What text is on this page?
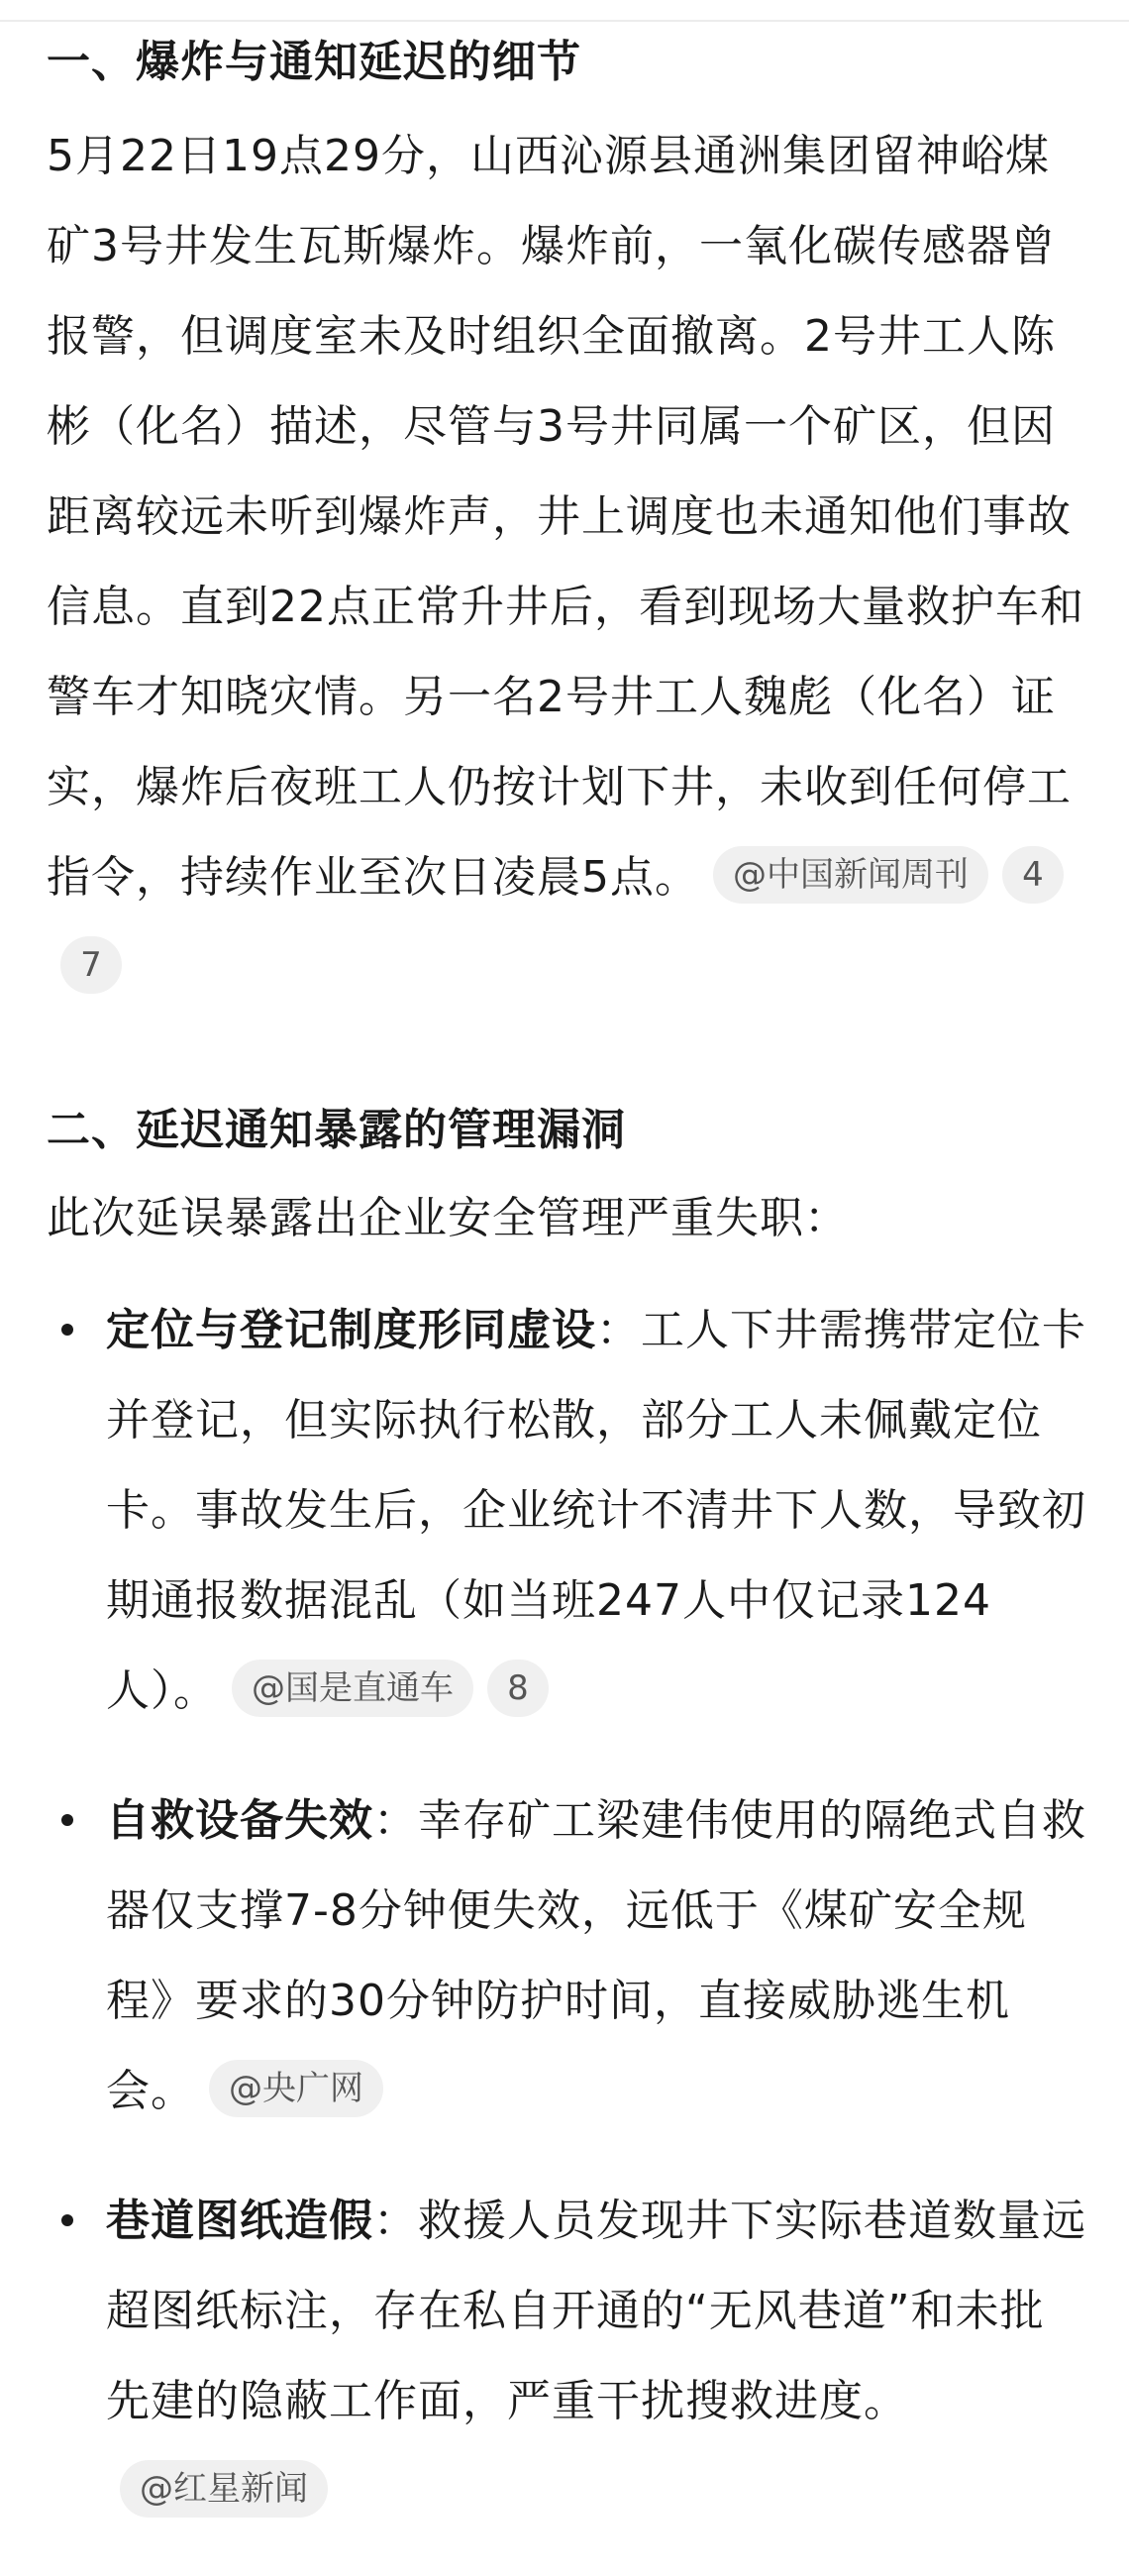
一、爆炸与通知延迟的细节

5月22日19点29分，山西沁源县通洲集团留神峪煤矿3号井发生瓦斯爆炸。爆炸前，一氧化碳传感器曾报警，但调度室未及时组织全面撤离。2号井工人陈彬（化名）描述，尽管与3号井同属一个矿区，但因距离较远未听到爆炸声，井上调度也未通知他们事故信息。直到22点正常升井后，看到现场大量救护车和警车才知晓灾情。另一名2号井工人魏彪（化名）证实，爆炸后夜班工人仍按计划下井，未收到任何停工指令，持续作业至次日凌晨5点。 @中国新闻周刊 47

二、延迟通知暴露的管理漏洞

此次延误暴露出企业安全管理严重失职：

定位与登记制度形同虚设：工人下井需携带定位卡并登记，但实际执行松散，部分工人未佩戴定位卡。事故发生后，企业统计不清井下人数，导致初期通报数据混乱（如当班247人中仅记录124人）。 @国是直通车 8
自救设备失效：幸存矿工梁建伟使用的隔绝式自救器仅支撑7-8分钟便失效，远低于《煤矿安全规程》要求的30分钟防护时间，直接威胁逃生机会。 @央广网
巷道图纸造假：救援人员发现井下实际巷道数量远超图纸标注，存在私自开通的“无风巷道”和未批先建的隐蔽工作面，严重干扰搜救进度。@红星新闻
